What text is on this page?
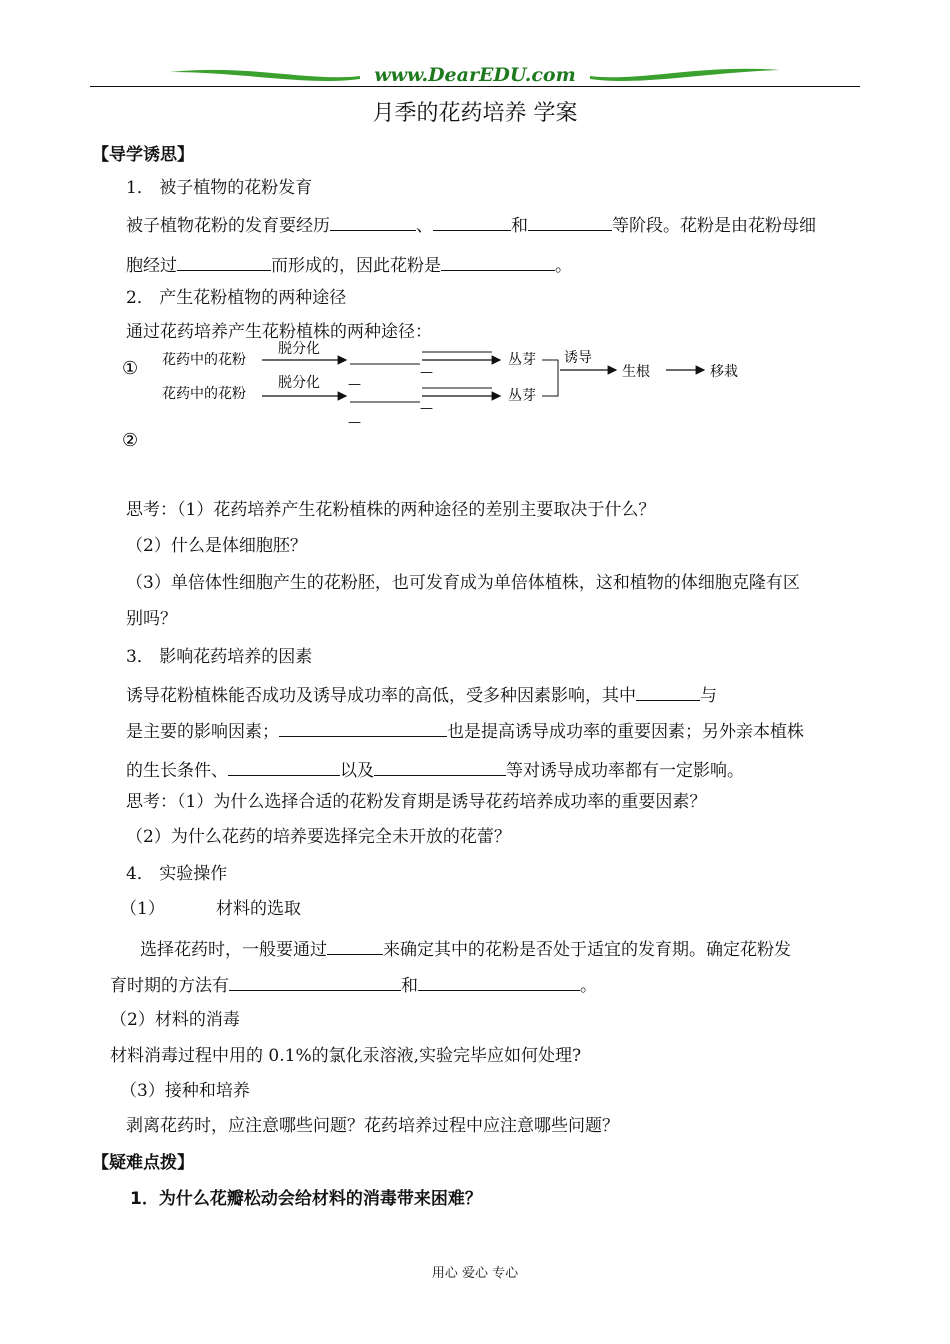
www.DearEDU.com
月季的花药培养 学案
【导学诱思】
1． 被子植物的花粉发育
被子植物花粉的发育要经历	、	和	等阶段。花粉是由花粉母细
胞经过	而形成的，因此花粉是	。
2． 产生花粉植物的两种途径
通过花药培养产生花粉植株的两种途径：
①
②
花药中的花粉
脱分化
—
丛芽
花药中的花粉
脱分化 —
—
—
丛芽
诱导
生根	移栽
思考：（1）花药培养产生花粉植株的两种途径的差别主要取决于什么？
（2）什么是体细胞胚？
（3）单倍体性细胞产生的花粉胚，也可发育成为单倍体植株，这和植物的体细胞克隆有区
别吗？
3． 影响花药培养的因素
诱导花粉植株能否成功及诱导成功率的高低，受多种因素影响，其中	与
是主要的影响因素；	也是提高诱导成功率的重要因素；另外亲本植株
的生长条件、	以及	等对诱导成功率都有一定影响。
思考：（1）为什么选择合适的花粉发育期是诱导花药培养成功率的重要因素？
（2）为什么花药的培养要选择完全未开放的花蕾？
4． 实验操作
（1）	材料的选取
选择花药时，一般要通过	来确定其中的花粉是否处于适宜的发育期。确定花粉发
育时期的方法有	和	。
（2）材料的消毒
材料消毒过程中用的 0.1%的氯化汞溶液,实验完毕应如何处理?
（3）接种和培养
剥离花药时，应注意哪些问题？花药培养过程中应注意哪些问题？
【疑难点拨】
1．为什么花瓣松动会给材料的消毒带来困难？
用心 爱心 专心
